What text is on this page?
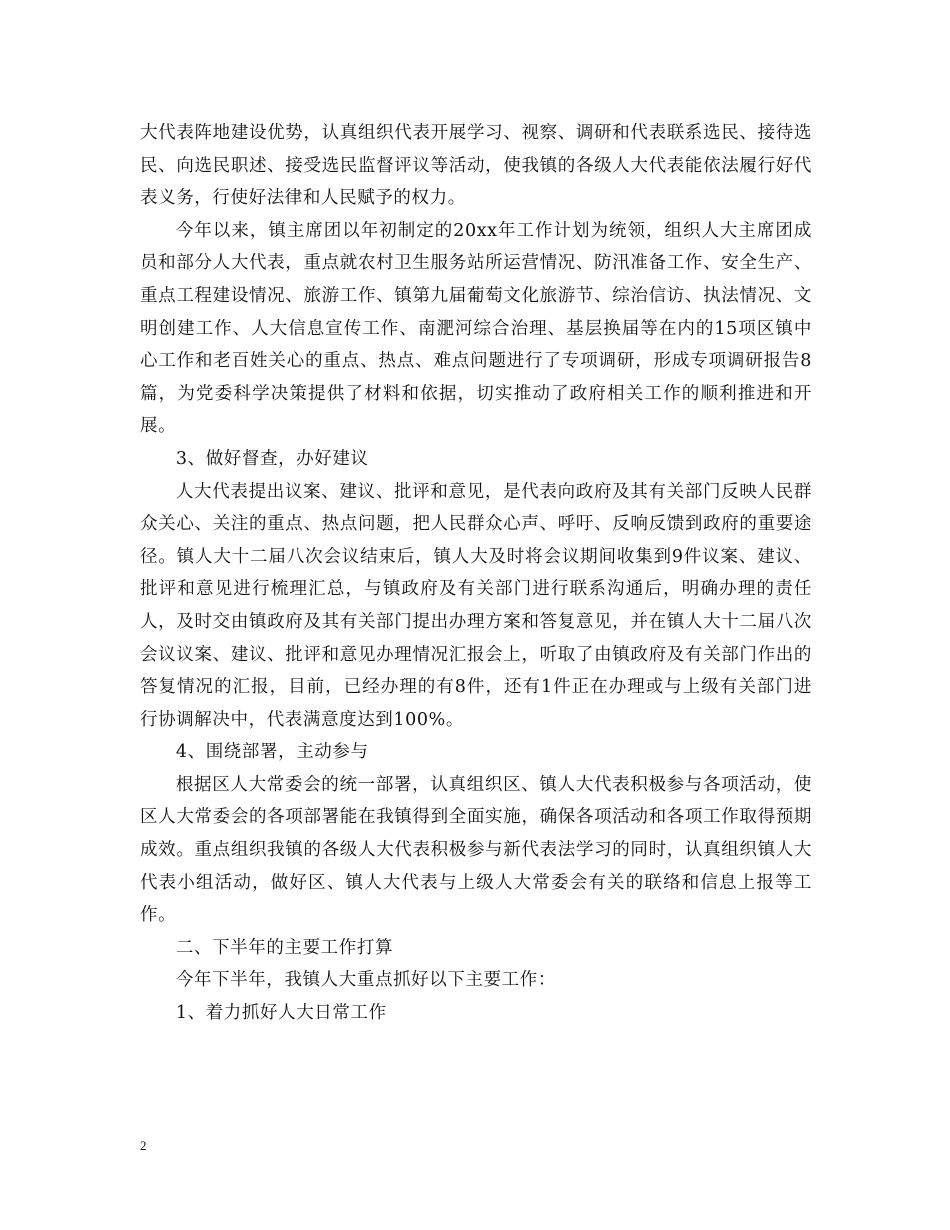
大代表阵地建设优势，认真组织代表开展学习、视察、调研和代表联系选民、接待选民、向选民职述、接受选民监督评议等活动，使我镇的各级人大代表能依法履行好代表义务，行使好法律和人民赋予的权力。

今年以来，镇主席团以年初制定的20xx年工作计划为统领，组织人大主席团成员和部分人大代表，重点就农村卫生服务站所运营情况、防汛准备工作、安全生产、重点工程建设情况、旅游工作、镇第九届葡萄文化旅游节、综治信访、执法情况、文明创建工作、人大信息宣传工作、南淝河综合治理、基层换届等在内的15项区镇中心工作和老百姓关心的重点、热点、难点问题进行了专项调研，形成专项调研报告8篇，为党委科学决策提供了材料和依据，切实推动了政府相关工作的顺利推进和开展。

3、做好督查，办好建议

人大代表提出议案、建议、批评和意见，是代表向政府及其有关部门反映人民群众关心、关注的重点、热点问题，把人民群众心声、呼吁、反响反馈到政府的重要途径。镇人大十二届八次会议结束后，镇人大及时将会议期间收集到9件议案、建议、批评和意见进行梳理汇总，与镇政府及有关部门进行联系沟通后，明确办理的责任人，及时交由镇政府及其有关部门提出办理方案和答复意见，并在镇人大十二届八次会议议案、建议、批评和意见办理情况汇报会上，听取了由镇政府及有关部门作出的答复情况的汇报，目前，已经办理的有8件，还有1件正在办理或与上级有关部门进行协调解决中，代表满意度达到100%。

4、围绕部署，主动参与

根据区人大常委会的统一部署，认真组织区、镇人大代表积极参与各项活动，使区人大常委会的各项部署能在我镇得到全面实施，确保各项活动和各项工作取得预期成效。重点组织我镇的各级人大代表积极参与新代表法学习的同时，认真组织镇人大代表小组活动，做好区、镇人大代表与上级人大常委会有关的联络和信息上报等工作。

二、下半年的主要工作打算

今年下半年，我镇人大重点抓好以下主要工作：

1、着力抓好人大日常工作

2
